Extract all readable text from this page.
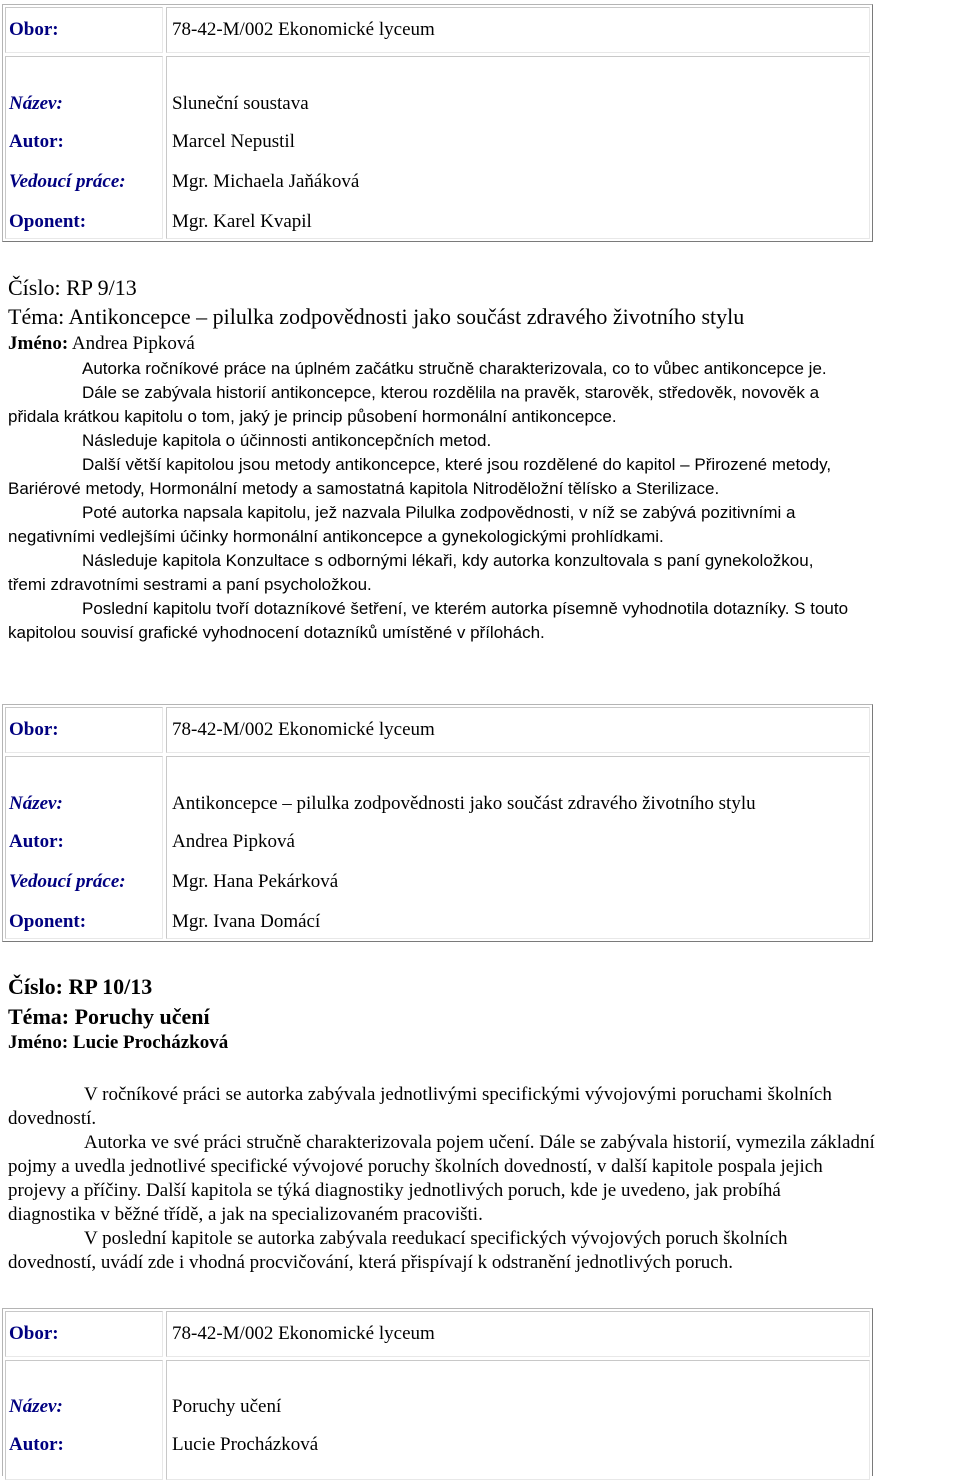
Obor:	78-42-M/002 Ekonomické lyceum
Název:	Sluneční soustava
Autor:	Marcel Nepustil
Vedoucí práce: Mgr. Michaela Jaňáková
Oponent:	Mgr. Karel Kvapil
Číslo: RP 9/13
Téma: Antikoncepce – pilulka zodpovědnosti jako součást zdravého životního stylu
Jméno: Andrea Pipková

Autorka ročníkové práce na úplném začátku stručně charakterizovala, co to vůbec antikoncepce je.

Dále se zabývala historií antikoncepce, kterou rozdělila na pravěk, starověk, středověk, novověk a
přidala krátkou kapitolu o tom, jaký je princip působení hormonální antikoncepce.

Následuje kapitola o účinnosti antikoncepčních metod.

Další větší kapitolou jsou metody antikoncepce, které jsou rozdělené do kapitol – Přirozené metody,
Bariérové metody, Hormonální metody a samostatná kapitola Nitroděložní tělísko a Sterilizace.

Poté autorka napsala kapitolu, jež nazvala Pilulka zodpovědnosti, v níž se zabývá pozitivními a
negativními vedlejšími účinky hormonální antikoncepce a gynekologickými prohlídkami.

Následuje kapitola Konzultace s odbornými lékaři, kdy autorka konzultovala s paní gynekoložkou,
třemi zdravotními sestrami a paní psycholožkou.

Poslední kapitolu tvoří dotazníkové šetření, ve kterém autorka písemně vyhodnotila dotazníky. S touto
kapitolou souvisí grafické vyhodnocení dotazníků umístěné v přílohách.

Obor:	78-42-M/002 Ekonomické lyceum
Název:	Antikoncepce – pilulka zodpovědnosti jako součást zdravého životního stylu
Autor:	Andrea Pipková
Vedoucí práce: Mgr. Hana Pekárková
Oponent:	Mgr. Ivana Domácí
Číslo: RP 10/13
Téma: Poruchy učení
Jméno: Lucie Procházková

V ročníkové práci se autorka zabývala jednotlivými specifickými vývojovými poruchami školních
dovedností.

Autorka ve své práci stručně charakterizovala pojem učení. Dále se zabývala historií, vymezila základní
pojmy a uvedla jednotlivé specifické vývojové poruchy školních dovedností, v další kapitole pospala jejich
projevy a příčiny. Další kapitola se týká diagnostiky jednotlivých poruch, kde je uvedeno, jak probíhá
diagnostika v běžné třídě, a jak na specializovaném pracovišti.

V poslední kapitole se autorka zabývala reedukací specifických vývojových poruch školních
dovedností, uvádí zde i vhodná procvičování, která přispívají k odstranění jednotlivých poruch.

Obor:	78-42-M/002 Ekonomické lyceum
Název:	Poruchy učení
Autor:	Lucie Procházková
